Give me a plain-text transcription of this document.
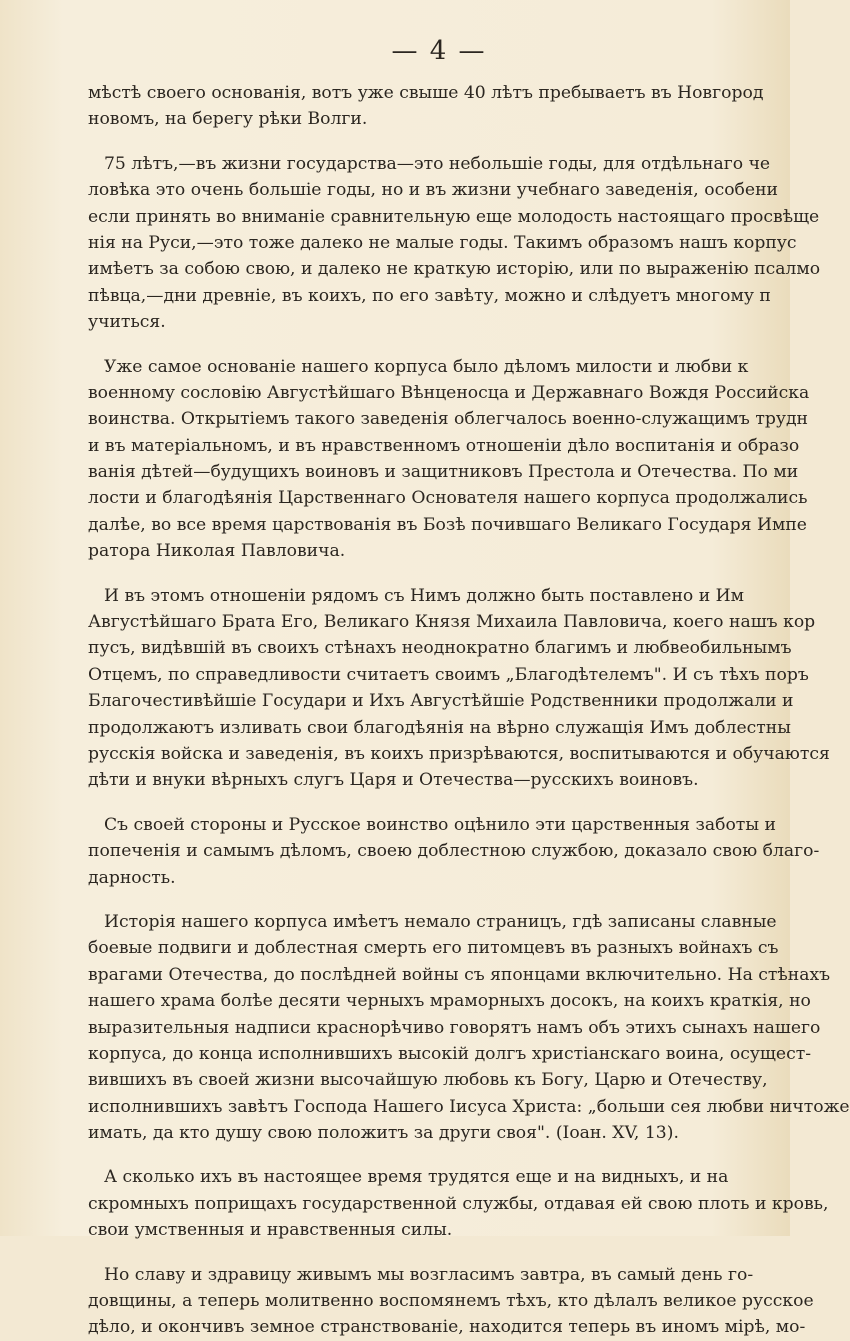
— 4 —
мѣстѣ своего основанія, вотъ уже свыше 40 лѣтъ пребываетъ въ Новгород
новомъ, на берегу рѣки Волги.
75 лѣтъ,—въ жизни государства—это небольшіе годы, для отдѣльнаго че
ловѣка это очень большіе годы, но и въ жизни учебнаго заведенія, особени
если принять во вниманіе сравнительную еще молодость настоящаго просвѣще
нія на Руси,—это тоже далеко не малые годы. Такимъ образомъ нашъ корпус
имѣетъ за собою свою, и далеко не краткую исторію, или по выраженію псалмо
пѣвца,—дни древніе, въ коихъ, по его завѣту, можно и слѣдуетъ многому п
учиться.
Уже самое основаніе нашего корпуса было дѣломъ милости и любви к
военному сословію Августѣйшаго Вѣнценосца и Державнаго Вождя Российска
воинства. Открытіемъ такого заведенія облегчалось военно-служащимъ трудн
и въ матеріальномъ, и въ нравственномъ отношеніи дѣло воспитанія и образо
ванія дѣтей—будущихъ воиновъ и защитниковъ Престола и Отечества. По ми
лости и благодѣянія Царственнаго Основателя нашего корпуса продолжались
далѣе, во все время царствованія въ Бозѣ почившаго Великаго Государя Импе
ратора Николая Павловича.
И въ этомъ отношеніи рядомъ съ Нимъ должно быть поставлено и Им
Августѣйшаго Брата Его, Великаго Князя Михаила Павловича, коего нашъ кор
пусъ, видѣвшій въ своихъ стѣнахъ неоднократно благимъ и любвеобильнымъ
Отцемъ, по справедливости считаетъ своимъ „Благодѣтелемъ". И съ тѣхъ поръ
Благочестивѣйшіе Государи и Ихъ Августѣйшіе Родственники продолжали и
продолжаютъ изливать свои благодѣянія на вѣрно служащія Имъ доблестны
русскія войска и заведенія, въ коихъ призрѣваются, воспитываются и обучаются
дѣти и внуки вѣрныхъ слугъ Царя и Отечества—русскихъ воиновъ.
Съ своей стороны и Русское воинство оцѣнило эти царственныя заботы и
попеченія и самымъ дѣломъ, своею доблестною службою, доказало свою благо-
дарность.
Исторія нашего корпуса имѣетъ немало страницъ, гдѣ записаны славные
боевые подвиги и доблестная смерть его питомцевъ въ разныхъ войнахъ съ
врагами Отечества, до послѣдней войны съ японцами включительно. На стѣнахъ
нашего храма болѣе десяти черныхъ мраморныхъ досокъ, на коихъ краткія, но
выразительныя надписи краснорѣчиво говорятъ намъ объ этихъ сынахъ нашего
корпуса, до конца исполнившихъ высокій долгъ христіанскаго воина, осущест-
вившихъ въ своей жизни высочайшую любовь къ Богу, Царю и Отечеству,
исполнившихъ завѣтъ Господа Нашего Іисуса Христа: „больши сея любви ничтоже
имать, да кто душу свою положитъ за други своя". (Іоан. XV, 13).
А сколько ихъ въ настоящее время трудятся еще и на видныхъ, и на
скромныхъ поприщахъ государственной службы, отдавая ей свою плоть и кровь,
свои умственныя и нравственныя силы.
Но славу и здравицу живымъ мы возгласимъ завтра, въ самый день го-
довщины, а теперь молитвенно воспомянемъ тѣхъ, кто дѣлалъ великое русское
дѣло, и окончивъ земное странствованіе, находится теперь въ иномъ мірѣ, мо-
